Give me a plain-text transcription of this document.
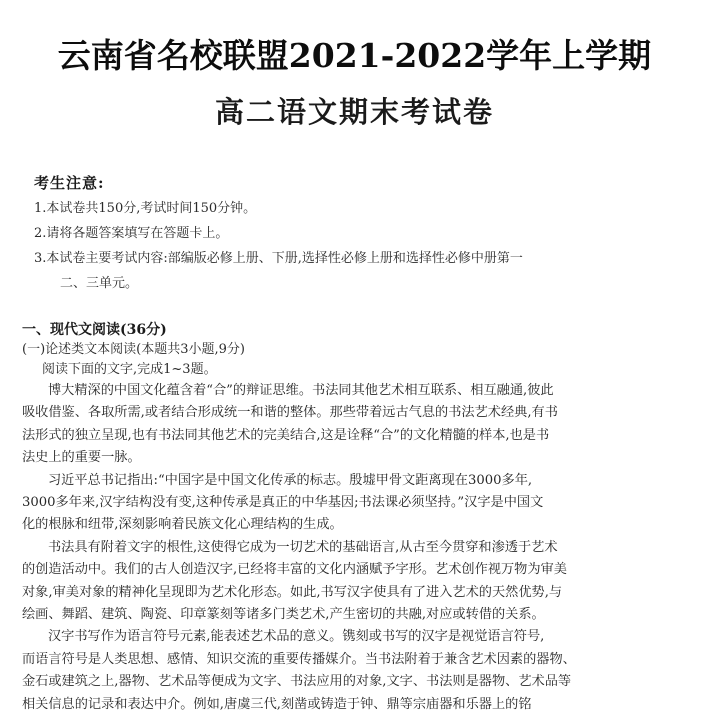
云南省名校联盟2021-2022学年上学期
高二语文期末考试卷
考生注意:
1.本试卷共150分,考试时间150分钟。
2.请将各题答案填写在答题卡上。
3.本试卷主要考试内容:部编版必修上册、下册,选择性必修上册和选择性必修中册第一
二、三单元。
一、现代文阅读(36分)
(一)论述类文本阅读(本题共3小题,9分)
阅读下面的文字,完成1~3题。
博大精深的中国文化蕴含着“合”的辩证思维。书法同其他艺术相互联系、相互融通,彼此
吸收借鉴、各取所需,或者结合形成统一和谐的整体。那些带着远古气息的书法艺术经典,有书
法形式的独立呈现,也有书法同其他艺术的完美结合,这是诠释“合”的文化精髓的样本,也是书
法史上的重要一脉。
习近平总书记指出:“中国字是中国文化传承的标志。殷墟甲骨文距离现在3000多年,
3000多年来,汉字结构没有变,这种传承是真正的中华基因;书法课必须坚持。”汉字是中国文
化的根脉和纽带,深刻影响着民族文化心理结构的生成。
书法具有附着文字的根性,这使得它成为一切艺术的基础语言,从古至今贯穿和渗透于艺术
的创造活动中。我们的古人创造汉字,已经将丰富的文化内涵赋予字形。艺术创作视万物为审美
对象,审美对象的精神化呈现即为艺术化形态。如此,书写汉字使具有了进入艺术的天然优势,与
绘画、舞蹈、建筑、陶瓷、印章篆刻等诸多门类艺术,产生密切的共融,对应或转借的关系。
汉字书写作为语言符号元素,能表述艺术品的意义。镌刻或书写的汉字是视觉语言符号,
而语言符号是人类思想、感情、知识交流的重要传播媒介。当书法附着于兼含艺术因素的器物、
金石或建筑之上,器物、艺术品等便成为文字、书法应用的对象,文字、书法则是器物、艺术品等
相关信息的记录和表达中介。例如,唐虞三代,刻凿或铸造于钟、鼎等宗庙器和乐器上的铭
